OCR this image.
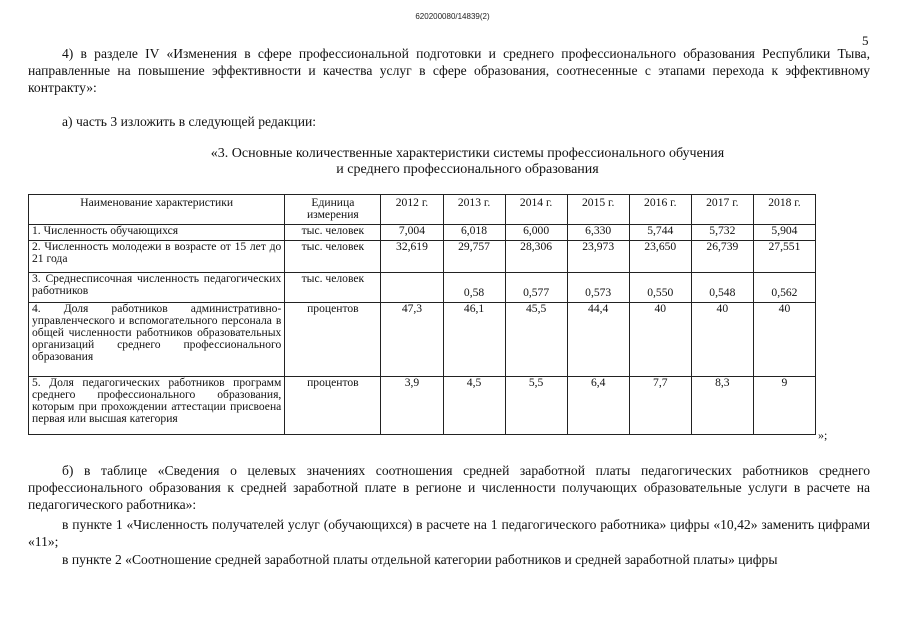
620200080/14839(2)
5
4) в разделе IV «Изменения в сфере профессиональной подготовки и среднего профессионального образования Республики Тыва, направленные на повышение эффективности и качества услуг в сфере образования, соотнесенные с этапами перехода к эффективному контракту»:
а) часть 3 изложить в следующей редакции:
«3. Основные количественные характеристики системы профессионального обучения
и среднего профессионального образования
Наименование характеристики	Единица измерения	2012 г.	2013 г.	2014 г.	2015 г.	2016 г.	2017 г.	2018 г.
1. Численность обучающихся	тыс. человек	7,004	6,018	6,000	6,330	5,744	5,732	5,904
2. Численность молодежи в возрасте от 15 лет до 21 года	тыс. человек	32,619	29,757	28,306	23,973	23,650	26,739	27,551
3. Среднесписочная численность педагогических работников	тыс. человек		0,58	0,577	0,573	0,550	0,548	0,562
4. Доля работников административно-управленческого и вспомогательного персонала в общей численности работников образовательных организаций среднего профессионального образования	процентов	47,3	46,1	45,5	44,4	40	40	40
5. Доля педагогических работников программ среднего профессионального образования, которым при прохождении аттестации присвоена первая или высшая категория	процентов	3,9	4,5	5,5	6,4	7,7	8,3	9
»;
б) в таблице «Сведения о целевых значениях соотношения средней заработной платы педагогических работников среднего профессионального образования к средней заработной плате в регионе и численности получающих образовательные услуги в расчете на педагогического работника»:
в пункте 1 «Численность получателей услуг (обучающихся) в расчете на 1 педагогического работника» цифры «10,42» заменить цифрами «11»;
в пункте 2 «Соотношение средней заработной платы отдельной категории работников и средней заработной платы» цифры
